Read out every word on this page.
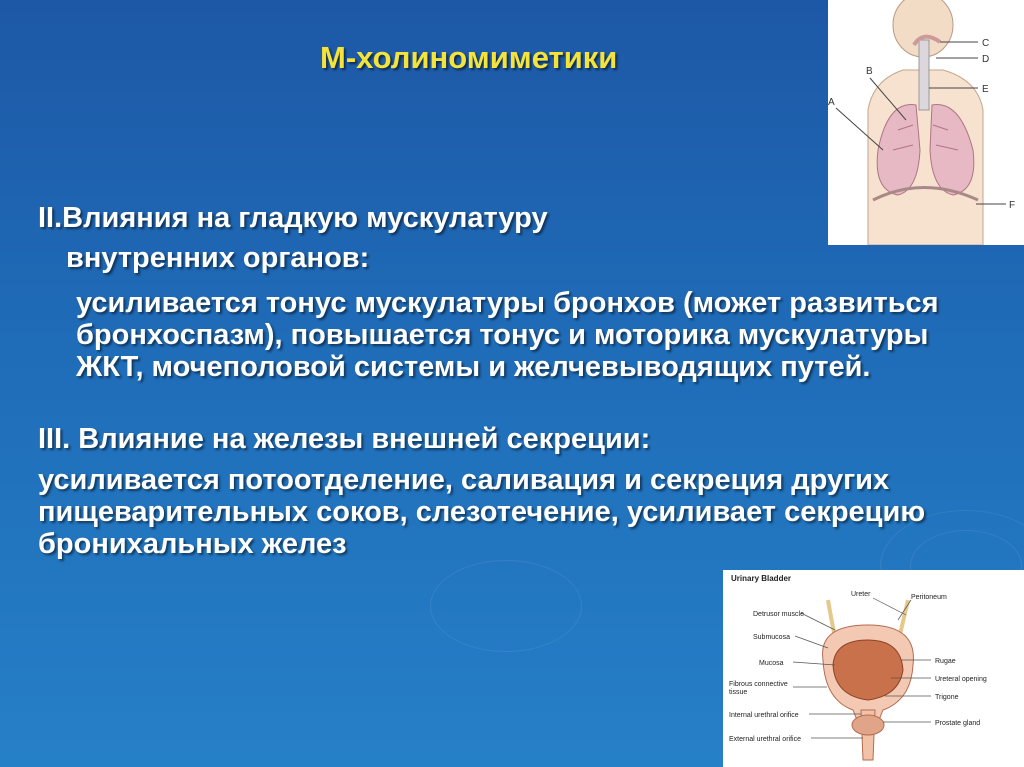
М-холиномиметики

II.Влияния на гладкую мускулатуру

внутренних органов:

усиливается тонус мускулатуры бронхов (может развиться бронхоспазм), повышается тонус и моторика мускулатуры ЖКТ, мочеполовой системы и желчевыводящих путей.

III. Влияние на железы внешней секреции:

усиливается потоотделение, саливация и секреция других пищеварительных соков, слезотечение, усиливает секрецию бронихальных желез

A
B
C
D
E
F
Urinary Bladder
Detrusor muscle
Submucosa
Mucosa
Fibrous connective
tissue
Internal urethral orifice
External urethral orifice
Ureter	Peritoneum
Rugae
Ureteral opening
Trigone
Prostate gland
